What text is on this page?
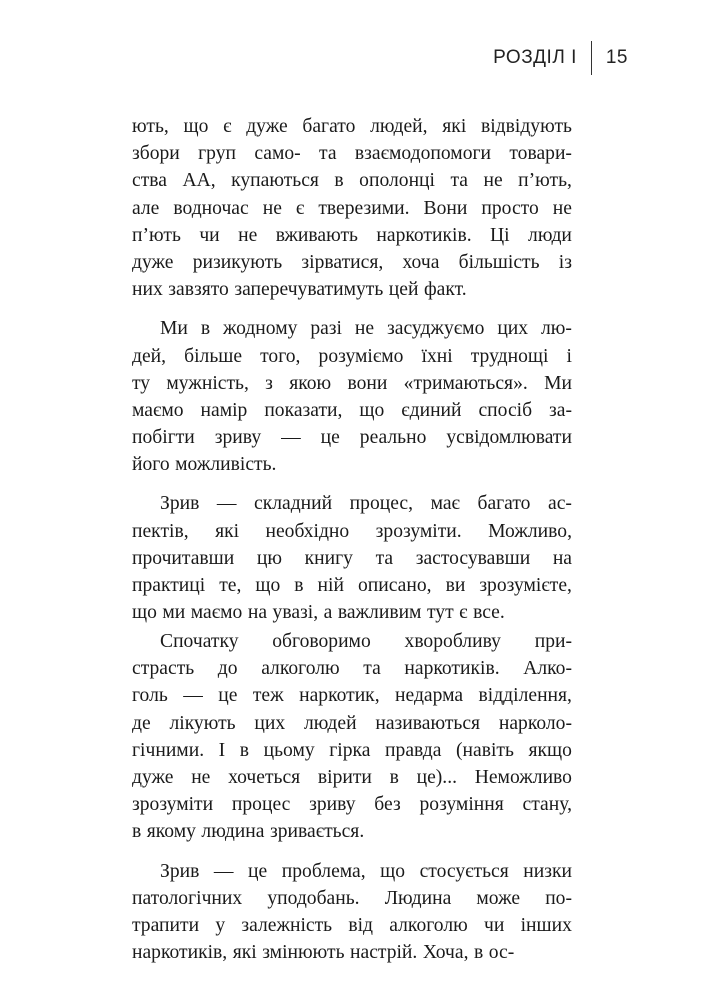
РОЗДІЛ І 15
ють, що є дуже багато людей, які відвідують
збори груп само- та взаємодопомоги товари-
ства АА, купаються в ополонці та не п’ють,
але водночас не є тверезими. Вони просто не
п’ють чи не вживають наркотиків. Ці люди
дуже ризикують зірватися, хоча більшість із
них завзято заперечуватимуть цей факт.
Ми в жодному разі не засуджуємо цих лю-
дей, більше того, розуміємо їхні труднощі і
ту мужність, з якою вони «тримаються». Ми
маємо намір показати, що єдиний спосіб за-
побігти зриву — це реально усвідомлювати
його можливість.
Зрив — складний процес, має багато ас-
пектів, які необхідно зрозуміти. Можливо,
прочитавши цю книгу та застосувавши на
практиці те, що в ній описано, ви зрозумієте,
що ми маємо на увазі, а важливим тут є все.
Спочатку обговоримо хворобливу при-
страсть до алкоголю та наркотиків. Алко-
голь — це теж наркотик, недарма відділення,
де лікують цих людей називаються нарколо-
гічними. І в цьому гірка правда (навіть якщо
дуже не хочеться вірити в це)... Неможливо
зрозуміти процес зриву без розуміння стану,
в якому людина зривається.
Зрив — це проблема, що стосується низки
патологічних уподобань. Людина може по-
трапити у залежність від алкоголю чи інших
наркотиків, які змінюють настрій. Хоча, в ос-
